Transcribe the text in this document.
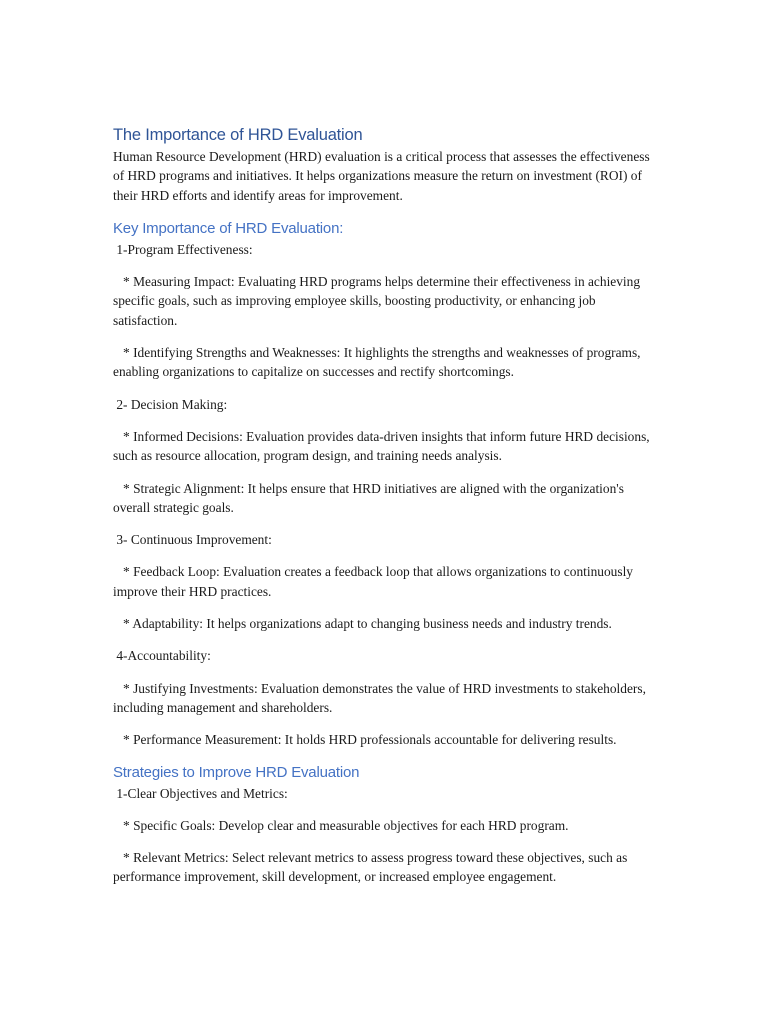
The Importance of HRD Evaluation

Human Resource Development (HRD) evaluation is a critical process that assesses the effectiveness of HRD programs and initiatives. It helps organizations measure the return on investment (ROI) of their HRD efforts and identify areas for improvement.

Key Importance of HRD Evaluation:

1-Program Effectiveness:

* Measuring Impact: Evaluating HRD programs helps determine their effectiveness in achieving specific goals, such as improving employee skills, boosting productivity, or enhancing job satisfaction.

* Identifying Strengths and Weaknesses: It highlights the strengths and weaknesses of programs, enabling organizations to capitalize on successes and rectify shortcomings.

2- Decision Making:

* Informed Decisions: Evaluation provides data-driven insights that inform future HRD decisions, such as resource allocation, program design, and training needs analysis.

* Strategic Alignment: It helps ensure that HRD initiatives are aligned with the organization's overall strategic goals.

3- Continuous Improvement:

* Feedback Loop: Evaluation creates a feedback loop that allows organizations to continuously improve their HRD practices.

* Adaptability: It helps organizations adapt to changing business needs and industry trends.

4-Accountability:

* Justifying Investments: Evaluation demonstrates the value of HRD investments to stakeholders, including management and shareholders.

* Performance Measurement: It holds HRD professionals accountable for delivering results.

Strategies to Improve HRD Evaluation

1-Clear Objectives and Metrics:

* Specific Goals: Develop clear and measurable objectives for each HRD program.

* Relevant Metrics: Select relevant metrics to assess progress toward these objectives, such as performance improvement, skill development, or increased employee engagement.
